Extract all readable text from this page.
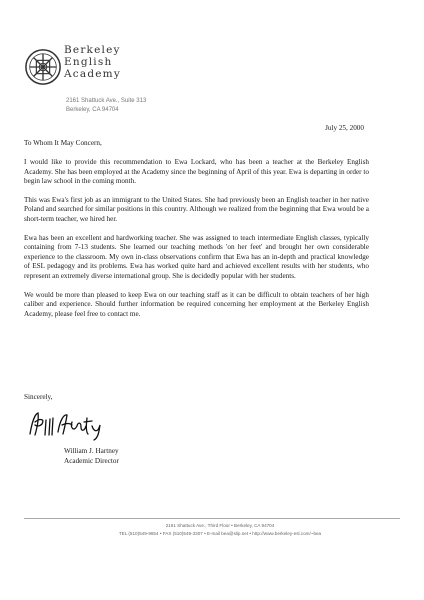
Berkeley
English
Academy
2161 Shattuck Ave., Suite 313
Berkeley, CA 94704
July 25, 2000
To Whom It May Concern,

I would like to provide this recommendation to Ewa Lockard, who has been a teacher at the Berkeley English Academy. She has been employed at the Academy since the beginning of April of this year. Ewa is departing in order to begin law school in the coming month.

This was Ewa's first job as an immigrant to the United States. She had previously been an English teacher in her native Poland and searched for similar positions in this country. Although we realized from the beginning that Ewa would be a short-term teacher, we hired her.

Ewa has been an excellent and hardworking teacher. She was assigned to teach intermediate English classes, typically containing from 7-13 students. She learned our teaching methods 'on her feet' and brought her own considerable experience to the classroom. My own in-class observations confirm that Ewa has an in-depth and practical knowledge of ESL pedagogy and its problems. Ewa has worked quite hard and achieved excellent results with her students, who represent an extremely diverse international group. She is decidedly popular with her students.

We would be more than pleased to keep Ewa on our teaching staff as it can be difficult to obtain teachers of her high caliber and experience. Should further information be required concerning her employment at the Berkeley English Academy, please feel free to contact me.

Sincerely,
William J. Hartney
Academic Director
2161 Shattuck Ave., Third Floor • Berkeley, CA 94704
TEL (510)549-9654 • FAX (510)549-3307 • E-mail bea@slip.net • http://www.berkeley-esl.com/~bea
